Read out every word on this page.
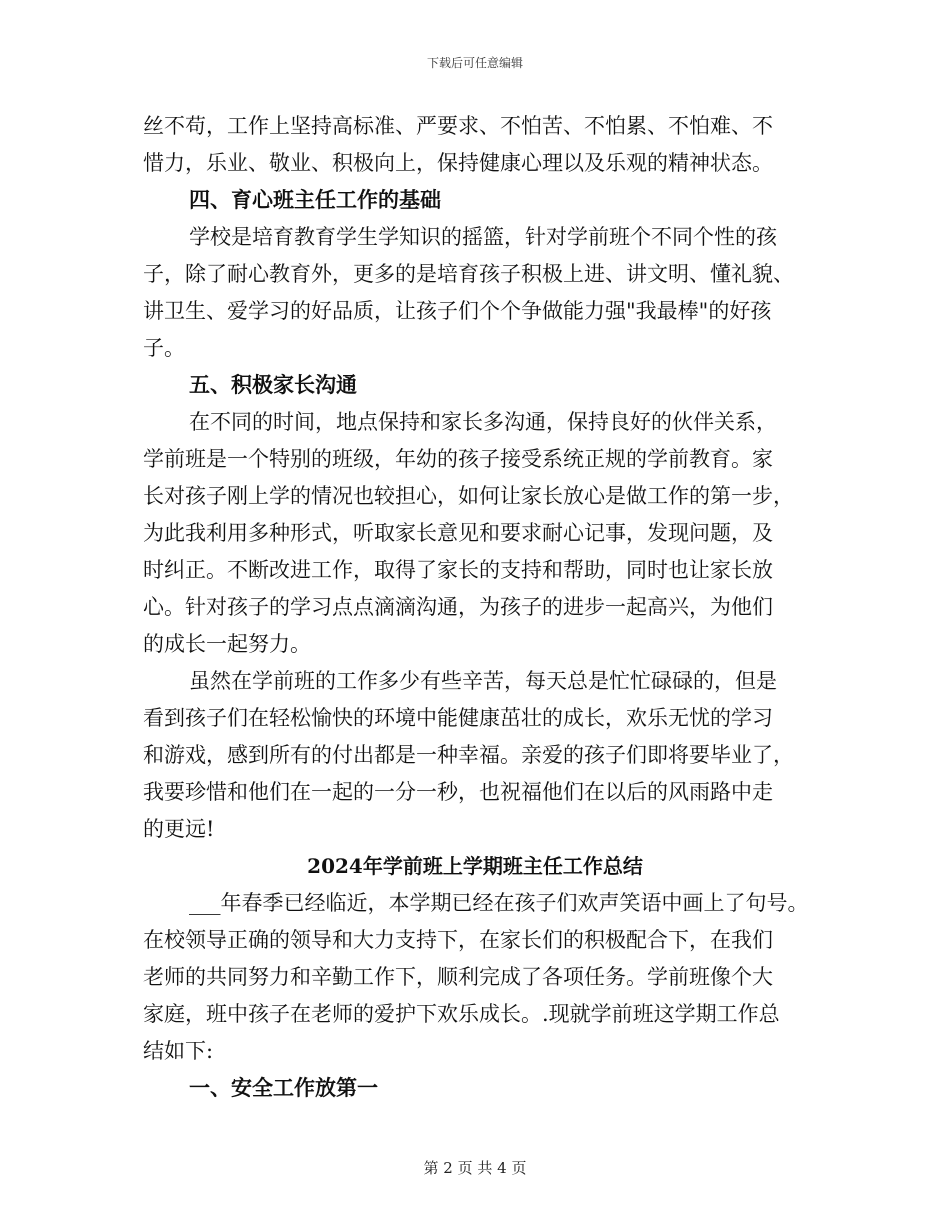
下载后可任意编辑
丝不苟，工作上坚持高标准、严要求、不怕苦、不怕累、不怕难、不
惜力，乐业、敬业、积极向上，保持健康心理以及乐观的精神状态。
四、育心班主任工作的基础
学校是培育教育学生学知识的摇篮，针对学前班个不同个性的孩
子，除了耐心教育外，更多的是培育孩子积极上进、讲文明、懂礼貌、
讲卫生、爱学习的好品质，让孩子们个个争做能力强"我最棒"的好孩
子。
五、积极家长沟通
在不同的时间，地点保持和家长多沟通，保持良好的伙伴关系，
学前班是一个特别的班级，年幼的孩子接受系统正规的学前教育。家
长对孩子刚上学的情况也较担心，如何让家长放心是做工作的第一步，
为此我利用多种形式，听取家长意见和要求耐心记事，发现问题，及
时纠正。不断改进工作，取得了家长的支持和帮助，同时也让家长放
心。针对孩子的学习点点滴滴沟通，为孩子的进步一起高兴，为他们
的成长一起努力。
虽然在学前班的工作多少有些辛苦，每天总是忙忙碌碌的，但是
看到孩子们在轻松愉快的环境中能健康茁壮的成长，欢乐无忧的学习
和游戏，感到所有的付出都是一种幸福。亲爱的孩子们即将要毕业了，
我要珍惜和他们在一起的一分一秒，也祝福他们在以后的风雨路中走
的更远!
2024年学前班上学期班主任工作总结
___年春季已经临近，本学期已经在孩子们欢声笑语中画上了句号。
在校领导正确的领导和大力支持下，在家长们的积极配合下，在我们
老师的共同努力和辛勤工作下，顺利完成了各项任务。学前班像个大
家庭，班中孩子在老师的爱护下欢乐成长。.现就学前班这学期工作总
结如下:
一、安全工作放第一
第 2 页 共 4 页
